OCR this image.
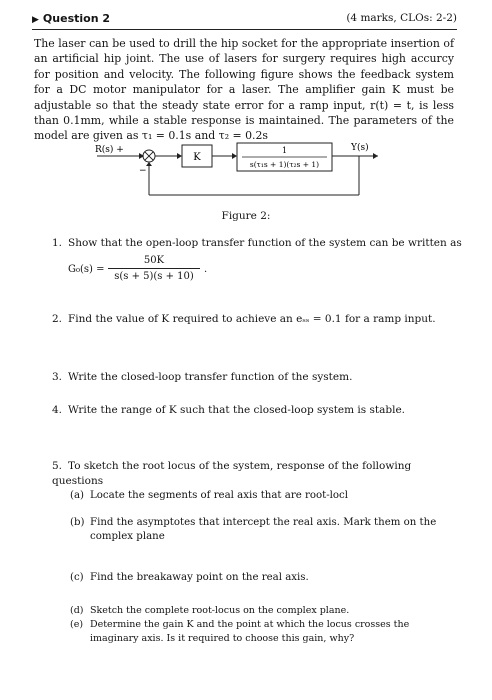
▶ Question 2	(4 marks, CLOs: 2-2)
The laser can be used to drill the hip socket for the appropriate insertion of an artificial hip joint. The use of lasers for surgery requires high accurcy for position and velocity. The following figure shows the feedback system for a DC motor manipulator for a laser. The amplifier gain K must be adjustable so that the steady state error for a ramp input, r(t) = t, is less than 0.1mm, while a stable response is maintained. The parameters of the model are given as τ₁ = 0.1s and τ₂ = 0.2s
R(s) +
−
K
1
s(τ₁s + 1)(τ₂s + 1)
Y(s)
Figure 2:
1. Show that the open-loop transfer function of the system can be written as
G₀(s) =
50K
s(s + 5)(s + 10)
.
2. Find the value of K required to achieve an eₛₛ = 0.1 for a ramp input.
3. Write the closed-loop transfer function of the system.
4. Write the range of K such that the closed-loop system is stable.
5. To sketch the root locus of the system, response of the following questions
(a) Locate the segments of real axis that are root-locl
(b) Find the asymptotes that intercept the real axis. Mark them on the
complex plane
(c) Find the breakaway point on the real axis.
(d) Sketch the complete root-locus on the complex plane.
(e) Determine the gain K and the point at which the locus crosses the
imaginary axis. Is it required to choose this gain, why?
